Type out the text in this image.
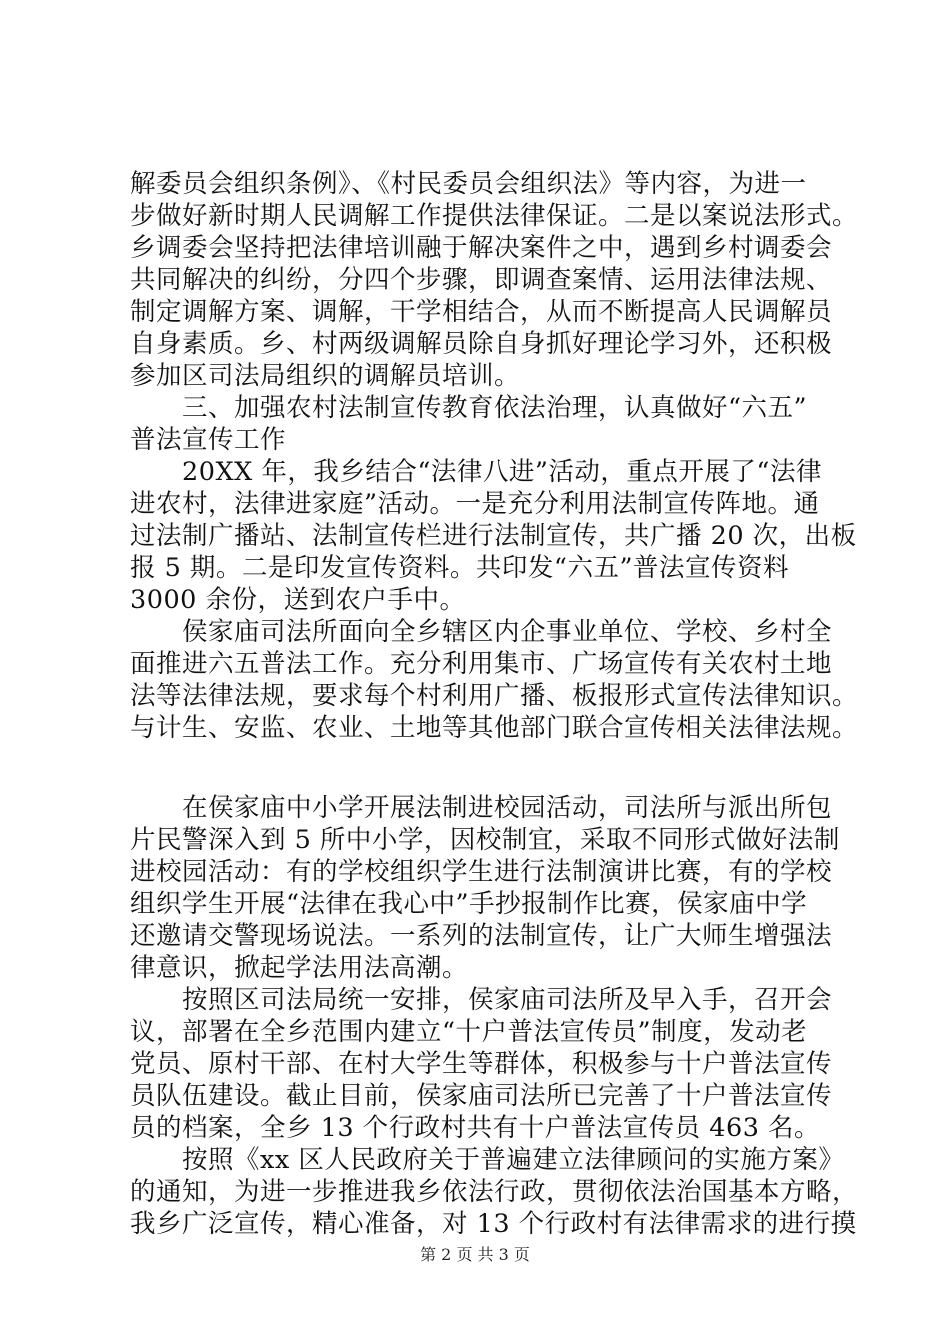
解委员会组织条例》、《村民委员会组织法》等内容，为进一
步做好新时期人民调解工作提供法律保证。二是以案说法形式。
乡调委会坚持把法律培训融于解决案件之中，遇到乡村调委会
共同解决的纠纷，分四个步骤，即调查案情、运用法律法规、
制定调解方案、调解，干学相结合，从而不断提高人民调解员
自身素质。乡、村两级调解员除自身抓好理论学习外，还积极
参加区司法局组织的调解员培训。
　　三、加强农村法制宣传教育依法治理，认真做好“六五”
普法宣传工作
　　20XX 年，我乡结合“法律八进”活动，重点开展了“法律
进农村，法律进家庭”活动。一是充分利用法制宣传阵地。通
过法制广播站、法制宣传栏进行法制宣传，共广播 20 次，出板
报 5 期。二是印发宣传资料。共印发“六五”普法宣传资料
3000 余份，送到农户手中。
　　侯家庙司法所面向全乡辖区内企事业单位、学校、乡村全
面推进六五普法工作。充分利用集市、广场宣传有关农村土地
法等法律法规，要求每个村利用广播、板报形式宣传法律知识。
与计生、安监、农业、土地等其他部门联合宣传相关法律法规。
　　在侯家庙中小学开展法制进校园活动，司法所与派出所包
片民警深入到 5 所中小学，因校制宜，采取不同形式做好法制
进校园活动：有的学校组织学生进行法制演讲比赛，有的学校
组织学生开展“法律在我心中”手抄报制作比赛，侯家庙中学
还邀请交警现场说法。一系列的法制宣传，让广大师生增强法
律意识，掀起学法用法高潮。
　　按照区司法局统一安排，侯家庙司法所及早入手，召开会
议，部署在全乡范围内建立“十户普法宣传员”制度，发动老
党员、原村干部、在村大学生等群体，积极参与十户普法宣传
员队伍建设。截止目前，侯家庙司法所已完善了十户普法宣传
员的档案，全乡 13 个行政村共有十户普法宣传员 463 名。
　　按照《xx 区人民政府关于普遍建立法律顾问的实施方案》
的通知，为进一步推进我乡依法行政，贯彻依法治国基本方略，
我乡广泛宣传，精心准备，对 13 个行政村有法律需求的进行摸
第 2 页 共 3 页
